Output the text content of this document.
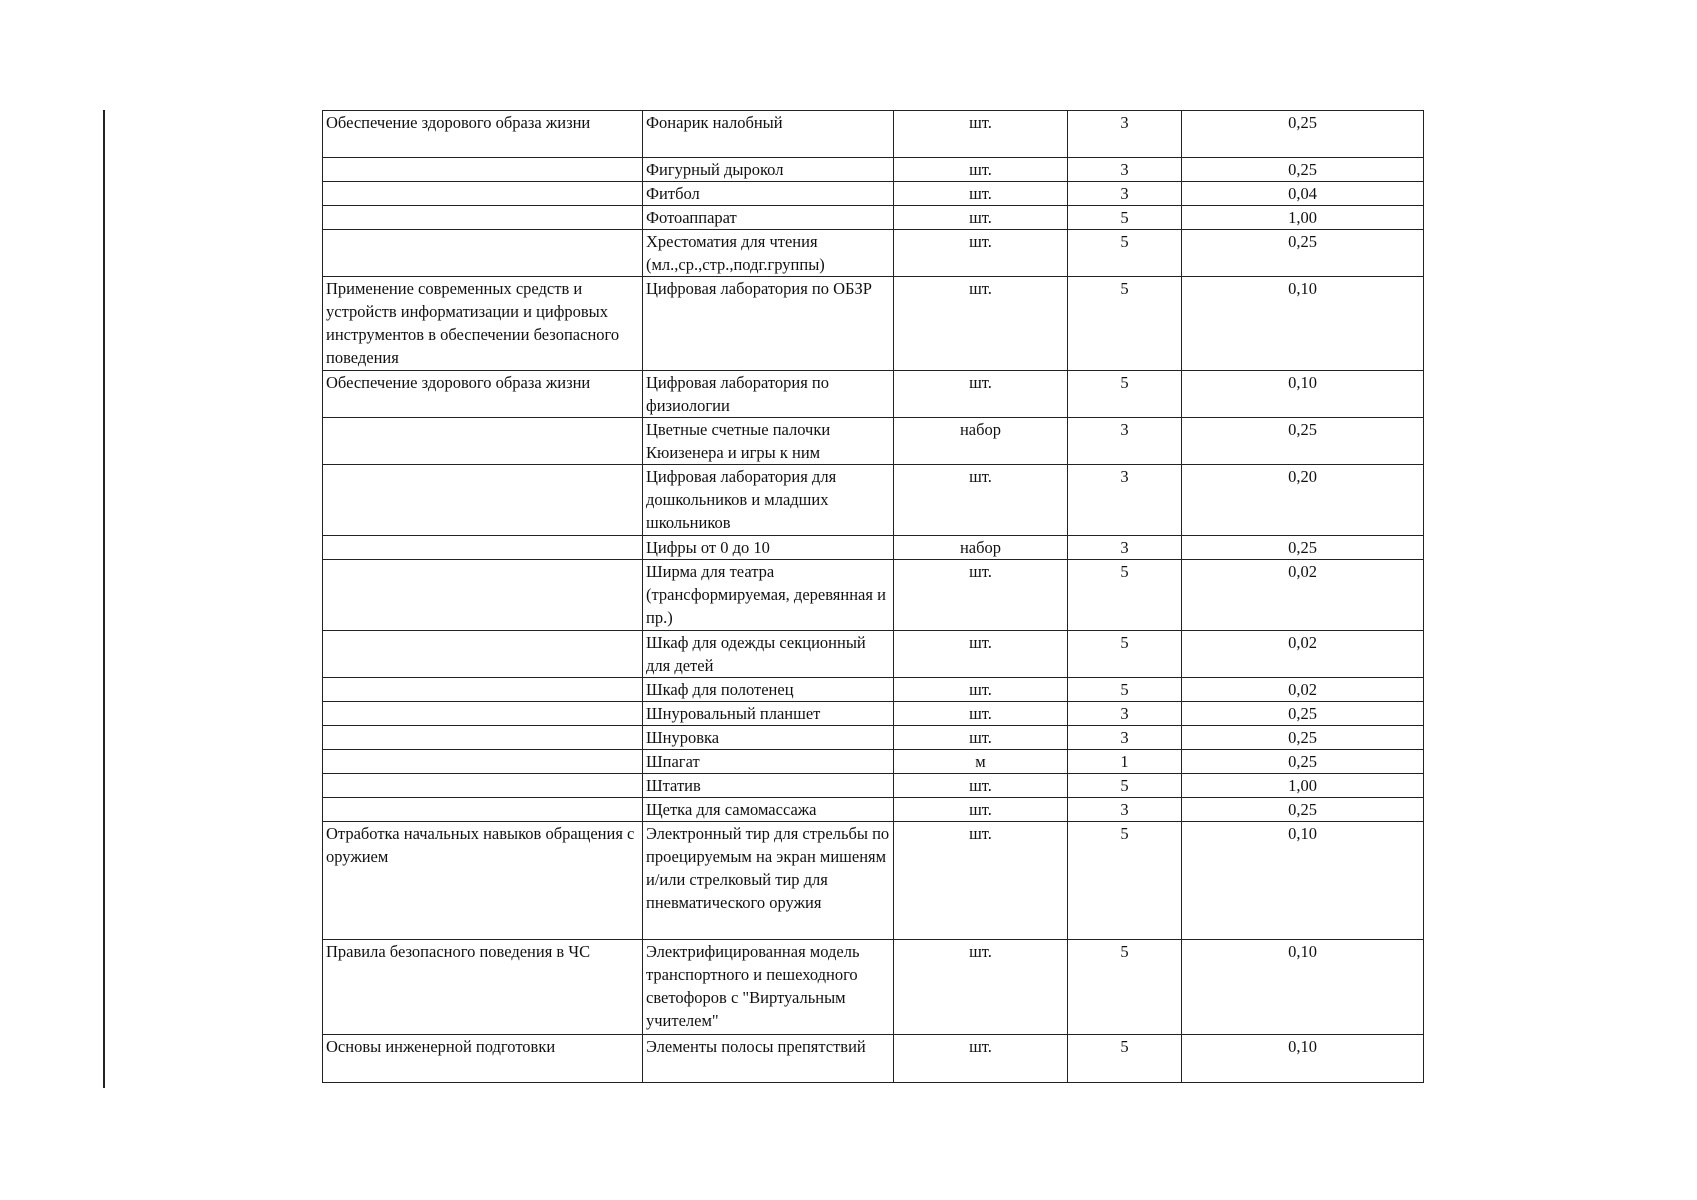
Обеспечение здорового образа жизни	Фонарик налобный	шт.	3	0,25
	Фигурный дырокол	шт.	3	0,25
	Фитбол	шт.	3	0,04
	Фотоаппарат	шт.	5	1,00
	Хрестоматия для чтения (мл.,ср.,стр.,подг.группы)	шт.	5	0,25
Применение современных средств и устройств информатизации и цифровых инструментов в обеспечении безопасного поведения	Цифровая лаборатория по ОБЗР	шт.	5	0,10
Обеспечение здорового образа жизни	Цифровая лаборатория по физиологии	шт.	5	0,10
	Цветные счетные палочки Кюизенера и игры к ним	набор	3	0,25
	Цифровая лаборатория для дошкольников и младших школьников	шт.	3	0,20
	Цифры от 0 до 10	набор	3	0,25
	Ширма для театра (трансформируемая, деревянная и пр.)	шт.	5	0,02
	Шкаф для одежды секционный для детей	шт.	5	0,02
	Шкаф для полотенец	шт.	5	0,02
	Шнуровальный планшет	шт.	3	0,25
	Шнуровка	шт.	3	0,25
	Шпагат	м	1	0,25
	Штатив	шт.	5	1,00
	Щетка для самомассажа	шт.	3	0,25
Отработка начальных навыков обращения с оружием	Электронный тир для стрельбы по проецируемым на экран мишеням и/или стрелковый тир для пневматического оружия	шт.	5	0,10
Правила безопасного поведения в ЧС	Электрифицированная модель транспортного и пешеходного светофоров с "Виртуальным учителем"	шт.	5	0,10
Основы инженерной подготовки	Элементы полосы препятствий	шт.	5	0,10
